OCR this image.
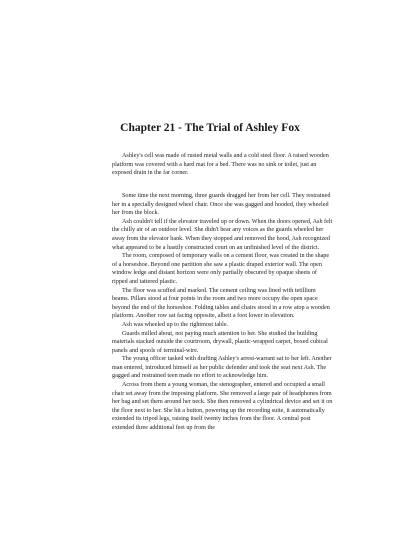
Chapter 21 - The Trial of Ashley Fox

Ashley's cell was made of rusted metal walls and a cold steel floor. A raised wooden platform was covered with a hard mat for a bed. There was no sink or toilet, just an exposed drain in the far corner.

Some time the next morning, three guards dragged her from her cell. They restrained her in a specially designed wheel chair. Once she was gagged and hooded, they wheeled her from the block.

Ash couldn't tell if the elevator traveled up or down. When the doors opened, Ash felt the chilly air of an outdoor level. She didn't hear any voices as the guards wheeled her away from the elevator bank. When they stopped and removed the hood, Ash recognized what appeared to be a hastily constructed court on an unfinished level of the district.

The room, composed of temporary walls on a cement floor, was created in the shape of a horseshoe. Beyond one partition she saw a plastic draped exterior wall. The open window ledge and distant horizon were only partially obscured by opaque sheets of ripped and tattered plastic.

The floor was scuffed and marked. The cement ceiling was lined with tetillium beams. Pillars stood at four points in the room and two more occupy the open space beyond the end of the horseshoe. Folding tables and chairs stood in a row atop a wooden platform. Another row sat facing opposite, albeit a foot lower in elevation.

Ash was wheeled up to the rightmost table.

Guards milled about, not paying much attention to her. She studied the building materials stacked outside the courtroom, drywall, plastic-wrapped carpet, boxed cubical panels and spools of terminal-wire.

The young officer tasked with drafting Ashley's arrest-warrant sat to her left. Another man entered, introduced himself as her public defender and took the seat next Ash. The gagged and restrained teen made no effort to acknowledge him.

Across from them a young woman, the stenographer, entered and occupied a small chair set away from the imposing platform. She removed a large pair of headphones from her bag and set them around her neck. She then removed a cylindrical device and set it on the floor next to her. She hit a button, powering up the recording suite, it automatically extended its tripod legs, raising itself twenty inches from the floor. A central post extended three additional feet up from the
